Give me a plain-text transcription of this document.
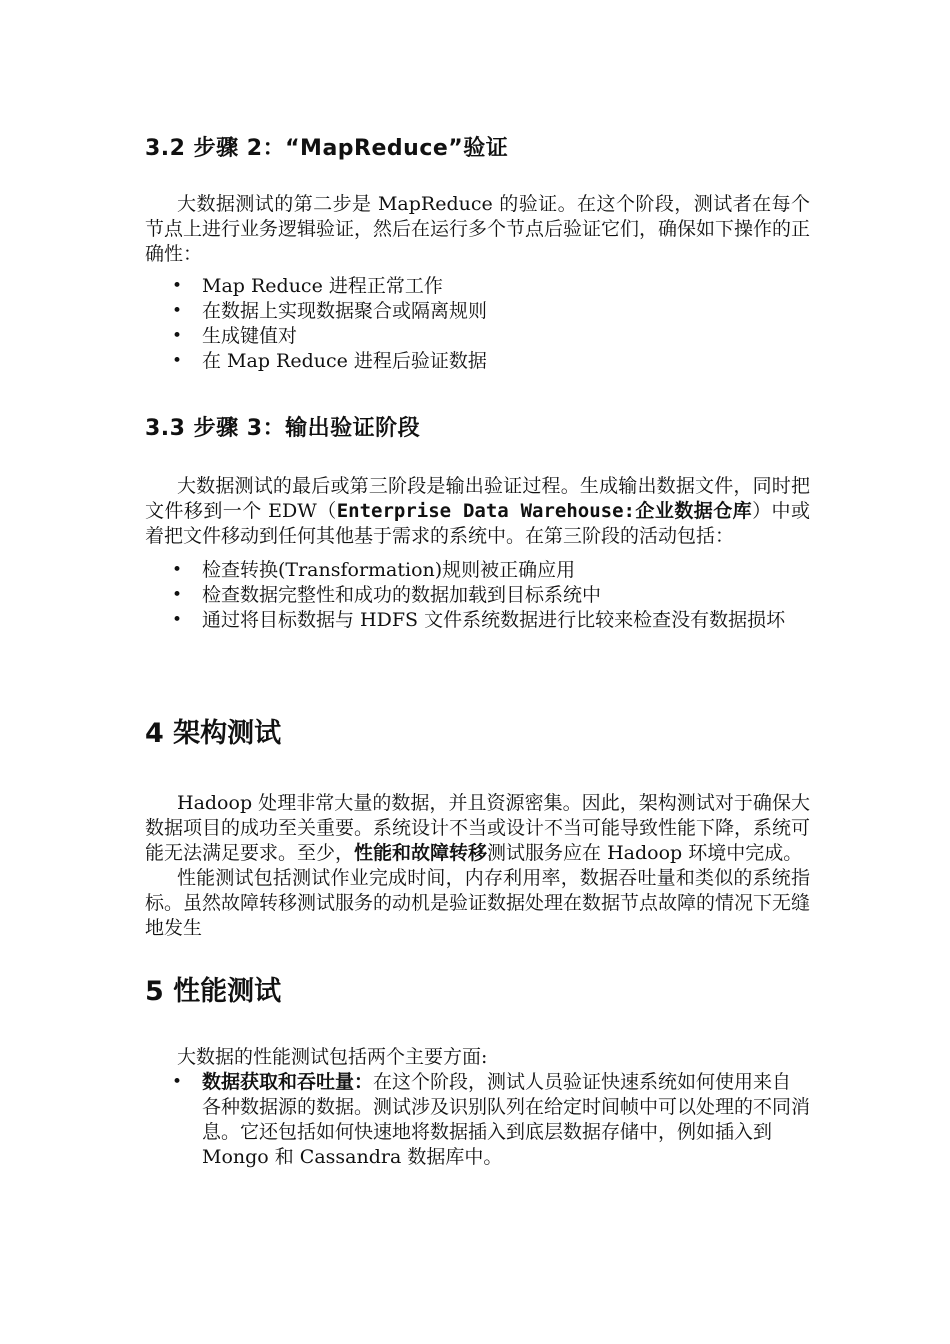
3.2 步骤 2：“MapReduce”验证

大数据测试的第二步是 MapReduce 的验证。在这个阶段，测试者在每个节点上进行业务逻辑验证，然后在运行多个节点后验证它们，确保如下操作的正确性：

• Map Reduce 进程正常工作
• 在数据上实现数据聚合或隔离规则
• 生成键值对
• 在 Map Reduce 进程后验证数据
3.3 步骤 3：输出验证阶段

大数据测试的最后或第三阶段是输出验证过程。生成输出数据文件，同时把文件移到一个 EDW（Enterprise Data Warehouse:企业数据仓库）中或着把文件移动到任何其他基于需求的系统中。在第三阶段的活动包括：

• 检查转换(Transformation)规则被正确应用
• 检查数据完整性和成功的数据加载到目标系统中
• 通过将目标数据与 HDFS 文件系统数据进行比较来检查没有数据损坏
4 架构测试

Hadoop 处理非常大量的数据，并且资源密集。因此，架构测试对于确保大数据项目的成功至关重要。系统设计不当或设计不当可能导致性能下降，系统可能无法满足要求。至少，性能和故障转移测试服务应在 Hadoop 环境中完成。

性能测试包括测试作业完成时间，内存利用率，数据吞吐量和类似的系统指标。虽然故障转移测试服务的动机是验证数据处理在数据节点故障的情况下无缝地发生

5 性能测试

大数据的性能测试包括两个主要方面:

• 数据获取和吞吐量：在这个阶段，测试人员验证快速系统如何使用来自各种数据源的数据。测试涉及识别队列在给定时间帧中可以处理的不同消息。它还包括如何快速地将数据插入到底层数据存储中，例如插入到 Mongo 和 Cassandra 数据库中。
